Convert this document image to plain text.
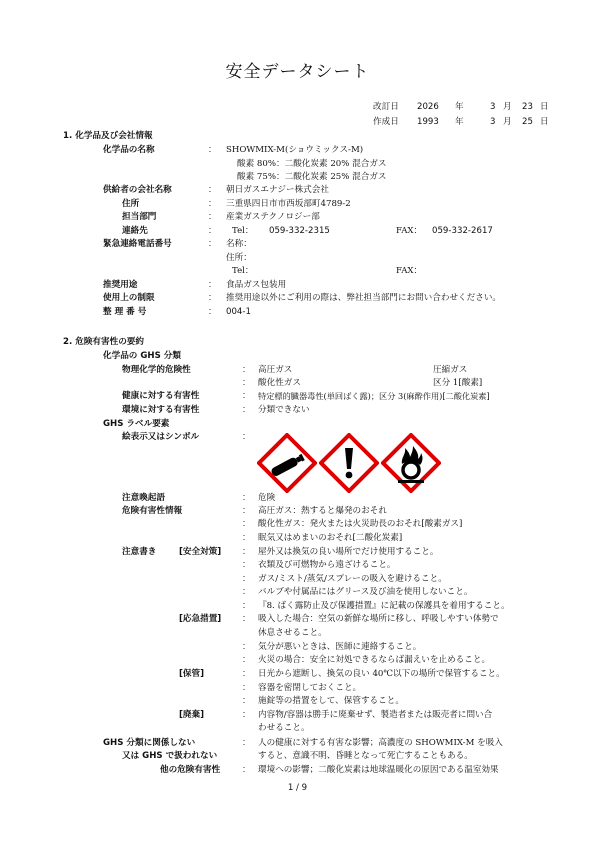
安全データシート
改訂日 2026 年	3 月 23 日
作成日 1993 年	3 月 25 日
1. 化学品及び会社情報
化学品の名称	： SHOWMIX-M(ショウミックス-M)
酸素 80%：二酸化炭素 20% 混合ガス
酸素 75%：二酸化炭素 25% 混合ガス
供給者の会社名称	： 朝日ガスエナジー株式会社
住所	： 三重県四日市市西坂部町4789-2
担当部門	： 産業ガステクノロジー部
連絡先	： Tel： 059-332-2315	FAX： 059-332-2617
緊急連絡電話番号	： 名称：
住所：
Tel：	FAX：
推奨用途	： 食品ガス包装用
使用上の制限	： 推奨用途以外にご利用の際は、弊社担当部門にお問い合わせください。
整 理 番 号	： 004-1
2. 危険有害性の要約
化学品の GHS 分類
物理化学的危険性	： 高圧ガス	圧縮ガス
： 酸化性ガス	区分 1[酸素]
健康に対する有害性	： 特定標的臓器毒性(単回ばく露)；区分 3(麻酔作用)[二酸化炭素]
環境に対する有害性	： 分類できない
GHS ラベル要素
絵表示又はシンボル	：
注意喚起語	： 危険
危険有害性情報	： 高圧ガス：熱すると爆発のおそれ
： 酸化性ガス：発火または火災助長のおそれ[酸素ガス]
： 眠気又はめまいのおそれ[二酸化炭素]
注意書き	[安全対策] ： 屋外又は換気の良い場所でだけ使用すること。
： 衣類及び可燃物から遠ざけること。
： ガス/ミスト/蒸気/スプレーの吸入を避けること。
： バルブや付属品にはグリース及び油を使用しないこと。
： 『8. ばく露防止及び保護措置』に記載の保護具を着用すること。
[応急措置] ： 吸入した場合：空気の新鮮な場所に移し、呼吸しやすい体勢で
休息させること。
： 気分が悪いときは、医師に連絡すること。
： 火災の場合：安全に対処できるならば漏えいを止めること。
[保管]	： 日光から遮断し、換気の良い 40℃以下の場所で保管すること。
： 容器を密閉しておくこと。
： 施錠等の措置をして、保管すること。
[廃棄]	： 内容物/容器は勝手に廃棄せず、製造者または販売者に問い合
わせること。
GHS 分類に関係しない
又は GHS で扱われない
他の危険有害性
： 人の健康に対する有害な影響；高濃度の SHOWMIX-M を吸入
すると、意識不明、昏睡となって死亡することもある。
： 環境への影響；二酸化炭素は地球温暖化の原因である温室効果
1 / 9
